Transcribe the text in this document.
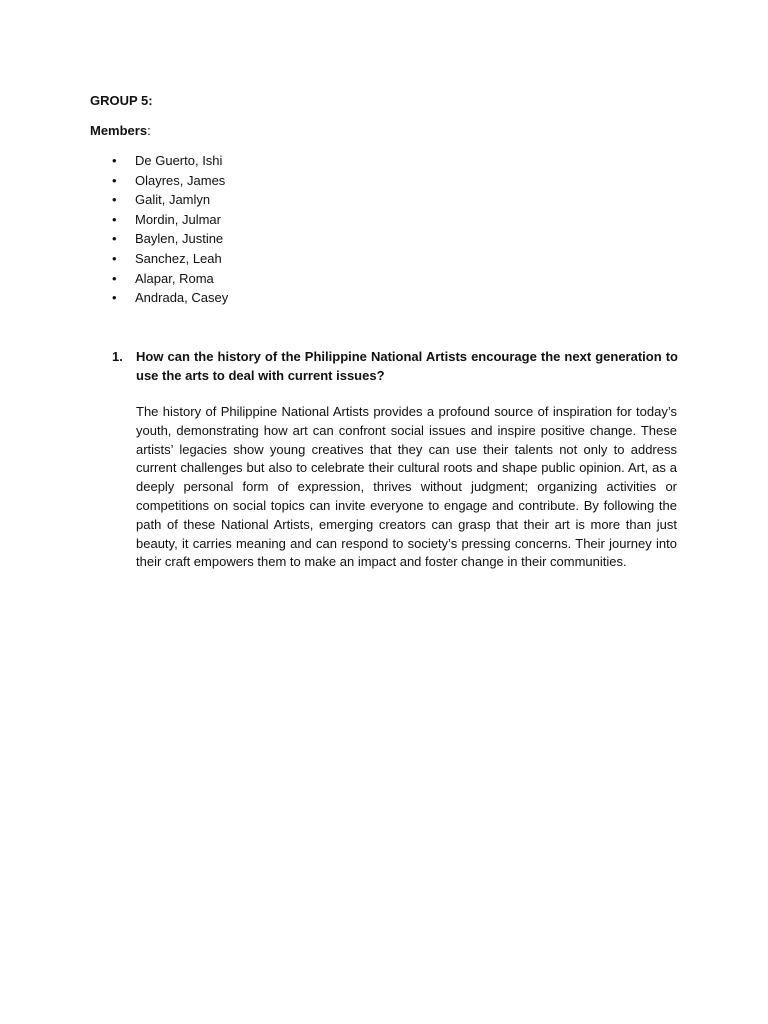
GROUP 5:

Members:

• De Guerto, Ishi
• Olayres, James
• Galit, Jamlyn
• Mordin, Julmar
• Baylen, Justine
• Sanchez, Leah
• Alapar, Roma
• Andrada, Casey
1. How can the history of the Philippine National Artists encourage the next generation to use the arts to deal with current issues?

The history of Philippine National Artists provides a profound source of inspiration for today’s youth, demonstrating how art can confront social issues and inspire positive change. These artists’ legacies show young creatives that they can use their talents not only to address current challenges but also to celebrate their cultural roots and shape public opinion. Art, as a deeply personal form of expression, thrives without judgment; organizing activities or competitions on social topics can invite everyone to engage and contribute. By following the path of these National Artists, emerging creators can grasp that their art is more than just beauty, it carries meaning and can respond to society’s pressing concerns. Their journey into their craft empowers them to make an impact and foster change in their communities.
